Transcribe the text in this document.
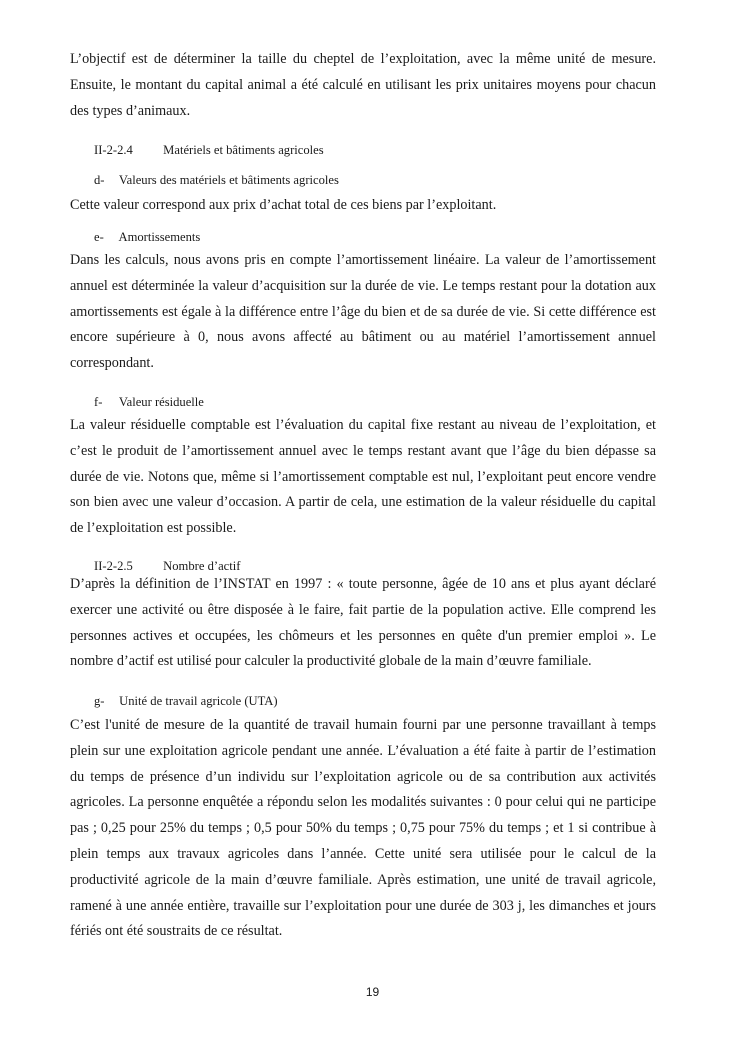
L’objectif est de déterminer la taille du cheptel de l’exploitation, avec la même unité de mesure. Ensuite, le montant du capital animal a été calculé en utilisant les prix unitaires moyens pour chacun des types d’animaux.

II-2-2.4 Matériels et bâtiments agricoles
d- Valeurs des matériels et bâtiments agricoles

Cette valeur correspond aux prix d’achat total de ces biens par l’exploitant.

e- Amortissements

Dans les calculs, nous avons pris en compte l’amortissement linéaire. La valeur de l’amortissement annuel est déterminée la valeur d’acquisition sur la durée de vie. Le temps restant pour la dotation aux amortissements est égale à la différence entre l’âge du bien et de sa durée de vie. Si cette différence est encore supérieure à 0, nous avons affecté au bâtiment ou au matériel l’amortissement annuel correspondant.

f- Valeur résiduelle

La valeur résiduelle comptable est l’évaluation du capital fixe restant au niveau de l’exploitation, et c’est le produit de l’amortissement annuel avec le temps restant avant que l’âge du bien dépasse sa durée de vie. Notons que, même si l’amortissement comptable est nul, l’exploitant peut encore vendre son bien avec une valeur d’occasion. A partir de cela, une estimation de la valeur résiduelle du capital de l’exploitation est possible.

II-2-2.5 Nombre d’actif

D’après la définition de l’INSTAT en 1997 : « toute personne, âgée de 10 ans et plus ayant déclaré exercer une activité ou être disposée à le faire, fait partie de la population active. Elle comprend les personnes actives et occupées, les chômeurs et les personnes en quête d'un premier emploi ». Le nombre d’actif est utilisé pour calculer la productivité globale de la main d’œuvre familiale.

g- Unité de travail agricole (UTA)

C’est l'unité de mesure de la quantité de travail humain fourni par une personne travaillant à temps plein sur une exploitation agricole pendant une année. L’évaluation a été faite à partir de l’estimation du temps de présence d’un individu sur l’exploitation agricole ou de sa contribution aux activités agricoles. La personne enquêtée a répondu selon les modalités suivantes : 0 pour celui qui ne participe pas ; 0,25 pour 25% du temps ; 0,5 pour 50% du temps ; 0,75 pour 75% du temps ; et 1 si contribue à plein temps aux travaux agricoles dans l’année. Cette unité sera utilisée pour le calcul de la productivité agricole de la main d’œuvre familiale. Après estimation, une unité de travail agricole, ramené à une année entière, travaille sur l’exploitation pour une durée de 303 j, les dimanches et jours fériés ont été soustraits de ce résultat.

19
